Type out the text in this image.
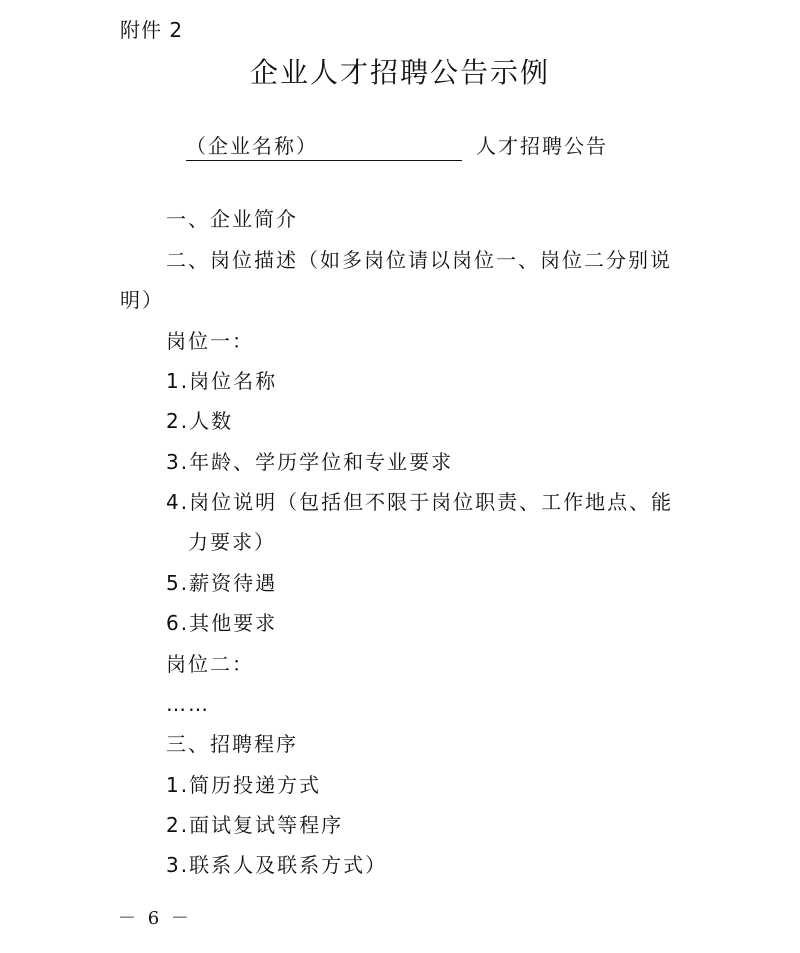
附件 2
企业人才招聘公告示例
（企业名称）	人才招聘公告
一、企业简介
二、岗位描述（如多岗位请以岗位一、岗位二分别说
明）
岗位一：
1.岗位名称
2.人数
3.年龄、学历学位和专业要求
4.岗位说明（包括但不限于岗位职责、工作地点、能
力要求）
5.薪资待遇
6.其他要求
岗位二：
……
三、招聘程序
1.简历投递方式
2.面试复试等程序
3.联系人及联系方式）
－ 6 －
